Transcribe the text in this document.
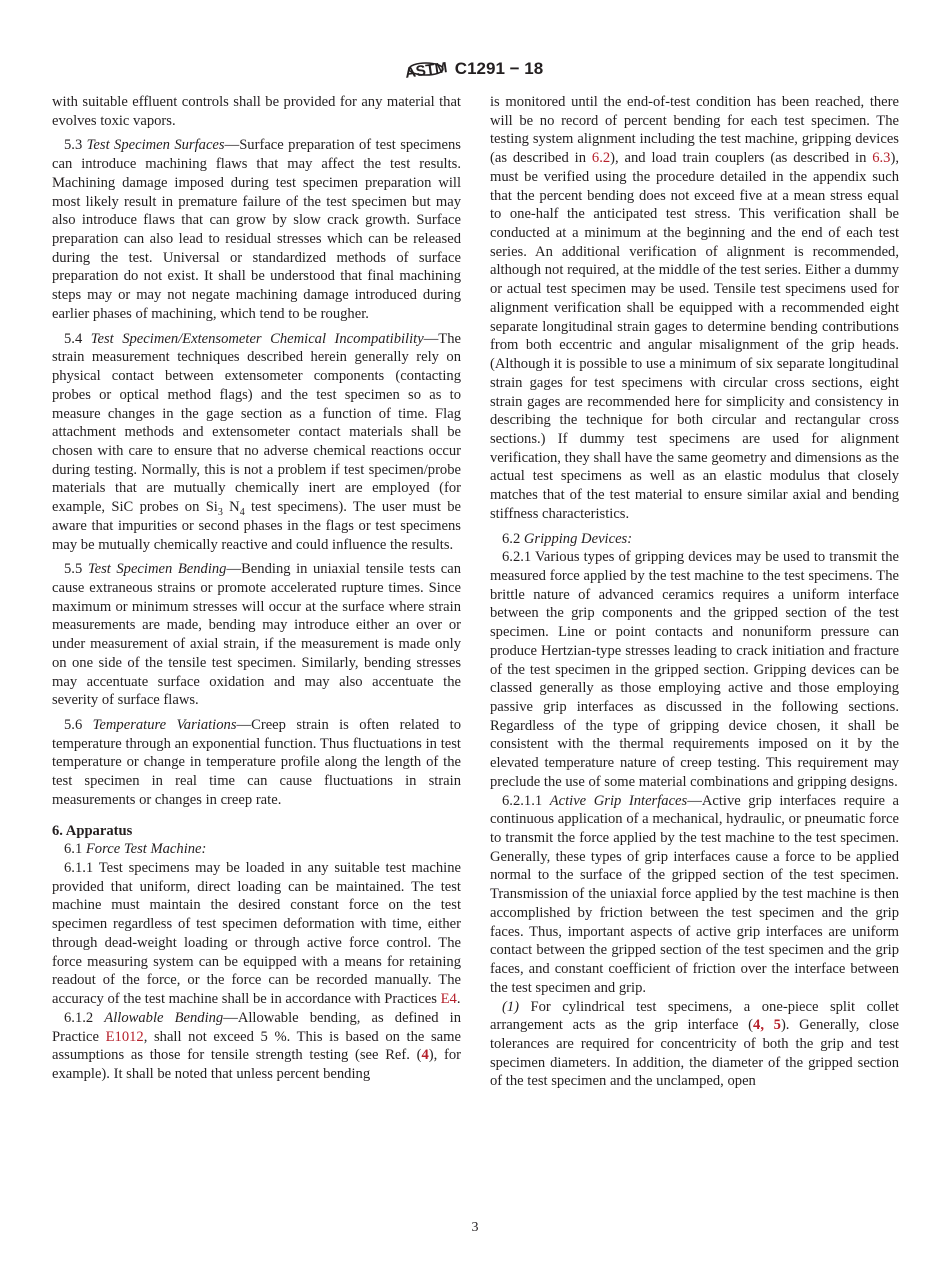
ASTM C1291 − 18

with suitable effluent controls shall be provided for any material that evolves toxic vapors.

5.3 Test Specimen Surfaces—Surface preparation of test specimens can introduce machining flaws that may affect the test results. Machining damage imposed during test specimen preparation will most likely result in premature failure of the test specimen but may also introduce flaws that can grow by slow crack growth. Surface preparation can also lead to residual stresses which can be released during the test. Universal or standardized methods of surface preparation do not exist. It shall be understood that final machining steps may or may not negate machining damage introduced during earlier phases of machining, which tend to be rougher.

5.4 Test Specimen/Extensometer Chemical Incompatibility—The strain measurement techniques described herein generally rely on physical contact between extensometer components (contacting probes or optical method flags) and the test specimen so as to measure changes in the gage section as a function of time. Flag attachment methods and extensometer contact materials shall be chosen with care to ensure that no adverse chemical reactions occur during testing. Normally, this is not a problem if test specimen/probe materials that are mutually chemically inert are employed (for example, SiC probes on $Si_3$ $N_4$ test specimens). The user must be aware that impurities or second phases in the flags or test specimens may be mutually chemically reactive and could influence the results.

5.5 Test Specimen Bending—Bending in uniaxial tensile tests can cause extraneous strains or promote accelerated rupture times. Since maximum or minimum stresses will occur at the surface where strain measurements are made, bending may introduce either an over or under measurement of axial strain, if the measurement is made only on one side of the tensile test specimen. Similarly, bending stresses may accentuate surface oxidation and may also accentuate the severity of surface flaws.

5.6 Temperature Variations—Creep strain is often related to temperature through an exponential function. Thus fluctuations in test temperature or change in temperature profile along the length of the test specimen in real time can cause fluctuations in strain measurements or changes in creep rate.

6. Apparatus

6.1 Force Test Machine:

6.1.1 Test specimens may be loaded in any suitable test machine provided that uniform, direct loading can be maintained. The test machine must maintain the desired constant force on the test specimen regardless of test specimen deformation with time, either through dead-weight loading or through active force control. The force measuring system can be equipped with a means for retaining readout of the force, or the force can be recorded manually. The accuracy of the test machine shall be in accordance with Practices E4.

6.1.2 Allowable Bending—Allowable bending, as defined in Practice E1012, shall not exceed 5 %. This is based on the same assumptions as those for tensile strength testing (see Ref. (4), for example). It shall be noted that unless percent bending

is monitored until the end-of-test condition has been reached, there will be no record of percent bending for each test specimen. The testing system alignment including the test machine, gripping devices (as described in 6.2), and load train couplers (as described in 6.3), must be verified using the procedure detailed in the appendix such that the percent bending does not exceed five at a mean stress equal to one-half the anticipated test stress. This verification shall be conducted at a minimum at the beginning and the end of each test series. An additional verification of alignment is recommended, although not required, at the middle of the test series. Either a dummy or actual test specimen may be used. Tensile test specimens used for alignment verification shall be equipped with a recommended eight separate longitudinal strain gages to determine bending contributions from both eccentric and angular misalignment of the grip heads. (Although it is possible to use a minimum of six separate longitudinal strain gages for test specimens with circular cross sections, eight strain gages are recommended here for simplicity and consistency in describing the technique for both circular and rectangular cross sections.) If dummy test specimens are used for alignment verification, they shall have the same geometry and dimensions as the actual test specimens as well as an elastic modulus that closely matches that of the test material to ensure similar axial and bending stiffness characteristics.

6.2 Gripping Devices:

6.2.1 Various types of gripping devices may be used to transmit the measured force applied by the test machine to the test specimens. The brittle nature of advanced ceramics requires a uniform interface between the grip components and the gripped section of the test specimen. Line or point contacts and nonuniform pressure can produce Hertzian-type stresses leading to crack initiation and fracture of the test specimen in the gripped section. Gripping devices can be classed generally as those employing active and those employing passive grip interfaces as discussed in the following sections. Regardless of the type of gripping device chosen, it shall be consistent with the thermal requirements imposed on it by the elevated temperature nature of creep testing. This requirement may preclude the use of some material combinations and gripping designs.

6.2.1.1 Active Grip Interfaces—Active grip interfaces require a continuous application of a mechanical, hydraulic, or pneumatic force to transmit the force applied by the test machine to the test specimen. Generally, these types of grip interfaces cause a force to be applied normal to the surface of the gripped section of the test specimen. Transmission of the uniaxial force applied by the test machine is then accomplished by friction between the test specimen and the grip faces. Thus, important aspects of active grip interfaces are uniform contact between the gripped section of the test specimen and the grip faces, and constant coefficient of friction over the interface between the test specimen and grip.

(1) For cylindrical test specimens, a one-piece split collet arrangement acts as the grip interface (4, 5). Generally, close tolerances are required for concentricity of both the grip and test specimen diameters. In addition, the diameter of the gripped section of the test specimen and the unclamped, open

3
